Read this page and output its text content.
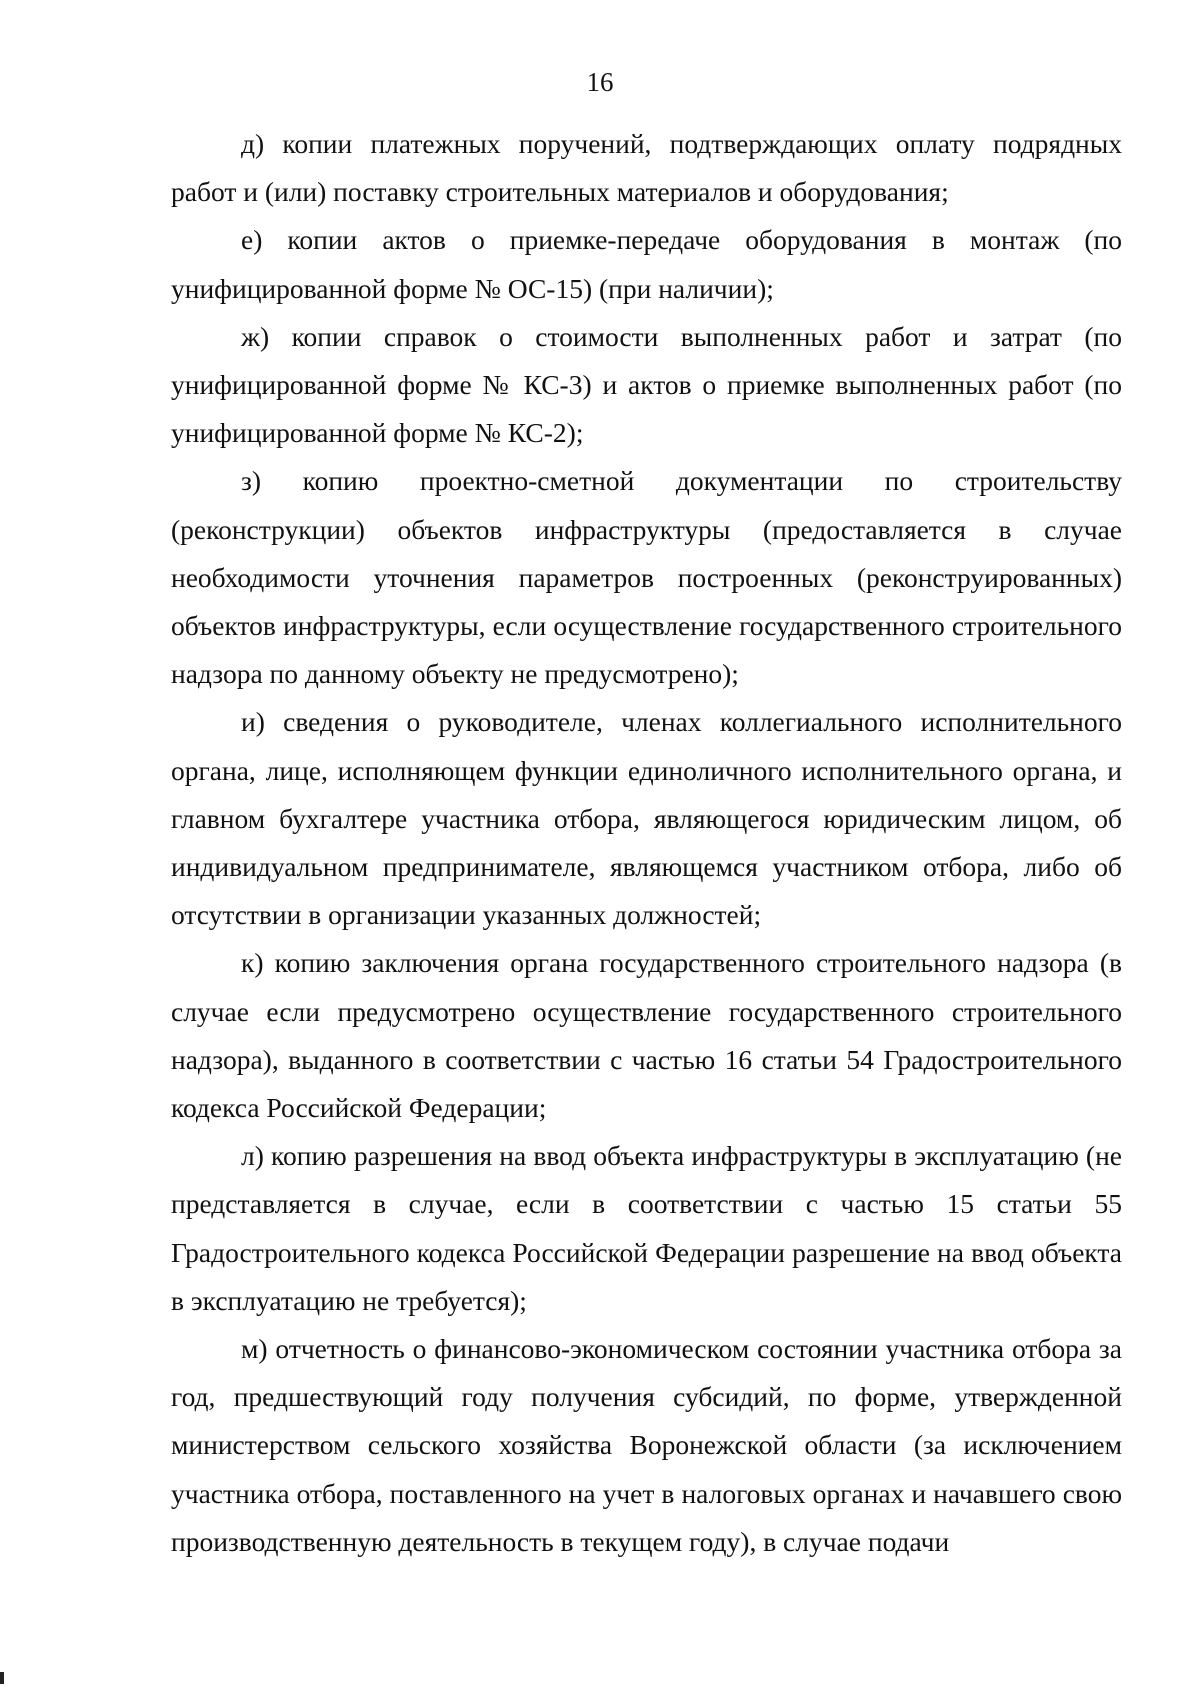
16

д) копии платежных поручений, подтверждающих оплату подрядных работ и (или) поставку строительных материалов и оборудования;

е) копии актов о приемке-передаче оборудования в монтаж (по унифицированной форме № ОС-15) (при наличии);

ж) копии справок о стоимости выполненных работ и затрат (по унифицированной форме № КС-3) и актов о приемке выполненных работ (по унифицированной форме № КС-2);

з) копию проектно-сметной документации по строительству (реконструкции) объектов инфраструктуры (предоставляется в случае необходимости уточнения параметров построенных (реконструированных) объектов инфраструктуры, если осуществление государственного строительного надзора по данному объекту не предусмотрено);

и) сведения о руководителе, членах коллегиального исполнительного органа, лице, исполняющем функции единоличного исполнительного органа, и главном бухгалтере участника отбора, являющегося юридическим лицом, об индивидуальном предпринимателе, являющемся участником отбора, либо об отсутствии в организации указанных должностей;

к) копию заключения органа государственного строительного надзора (в случае если предусмотрено осуществление государственного строительного надзора), выданного в соответствии с частью 16 статьи 54 Градостроительного кодекса Российской Федерации;

л) копию разрешения на ввод объекта инфраструктуры в эксплуатацию (не представляется в случае, если в соответствии с частью 15 статьи 55 Градостроительного кодекса Российской Федерации разрешение на ввод объекта в эксплуатацию не требуется);

м) отчетность о финансово-экономическом состоянии участника отбора за год, предшествующий году получения субсидий, по форме, утвержденной министерством сельского хозяйства Воронежской области (за исключением участника отбора, поставленного на учет в налоговых органах и начавшего свою производственную деятельность в текущем году), в случае подачи
